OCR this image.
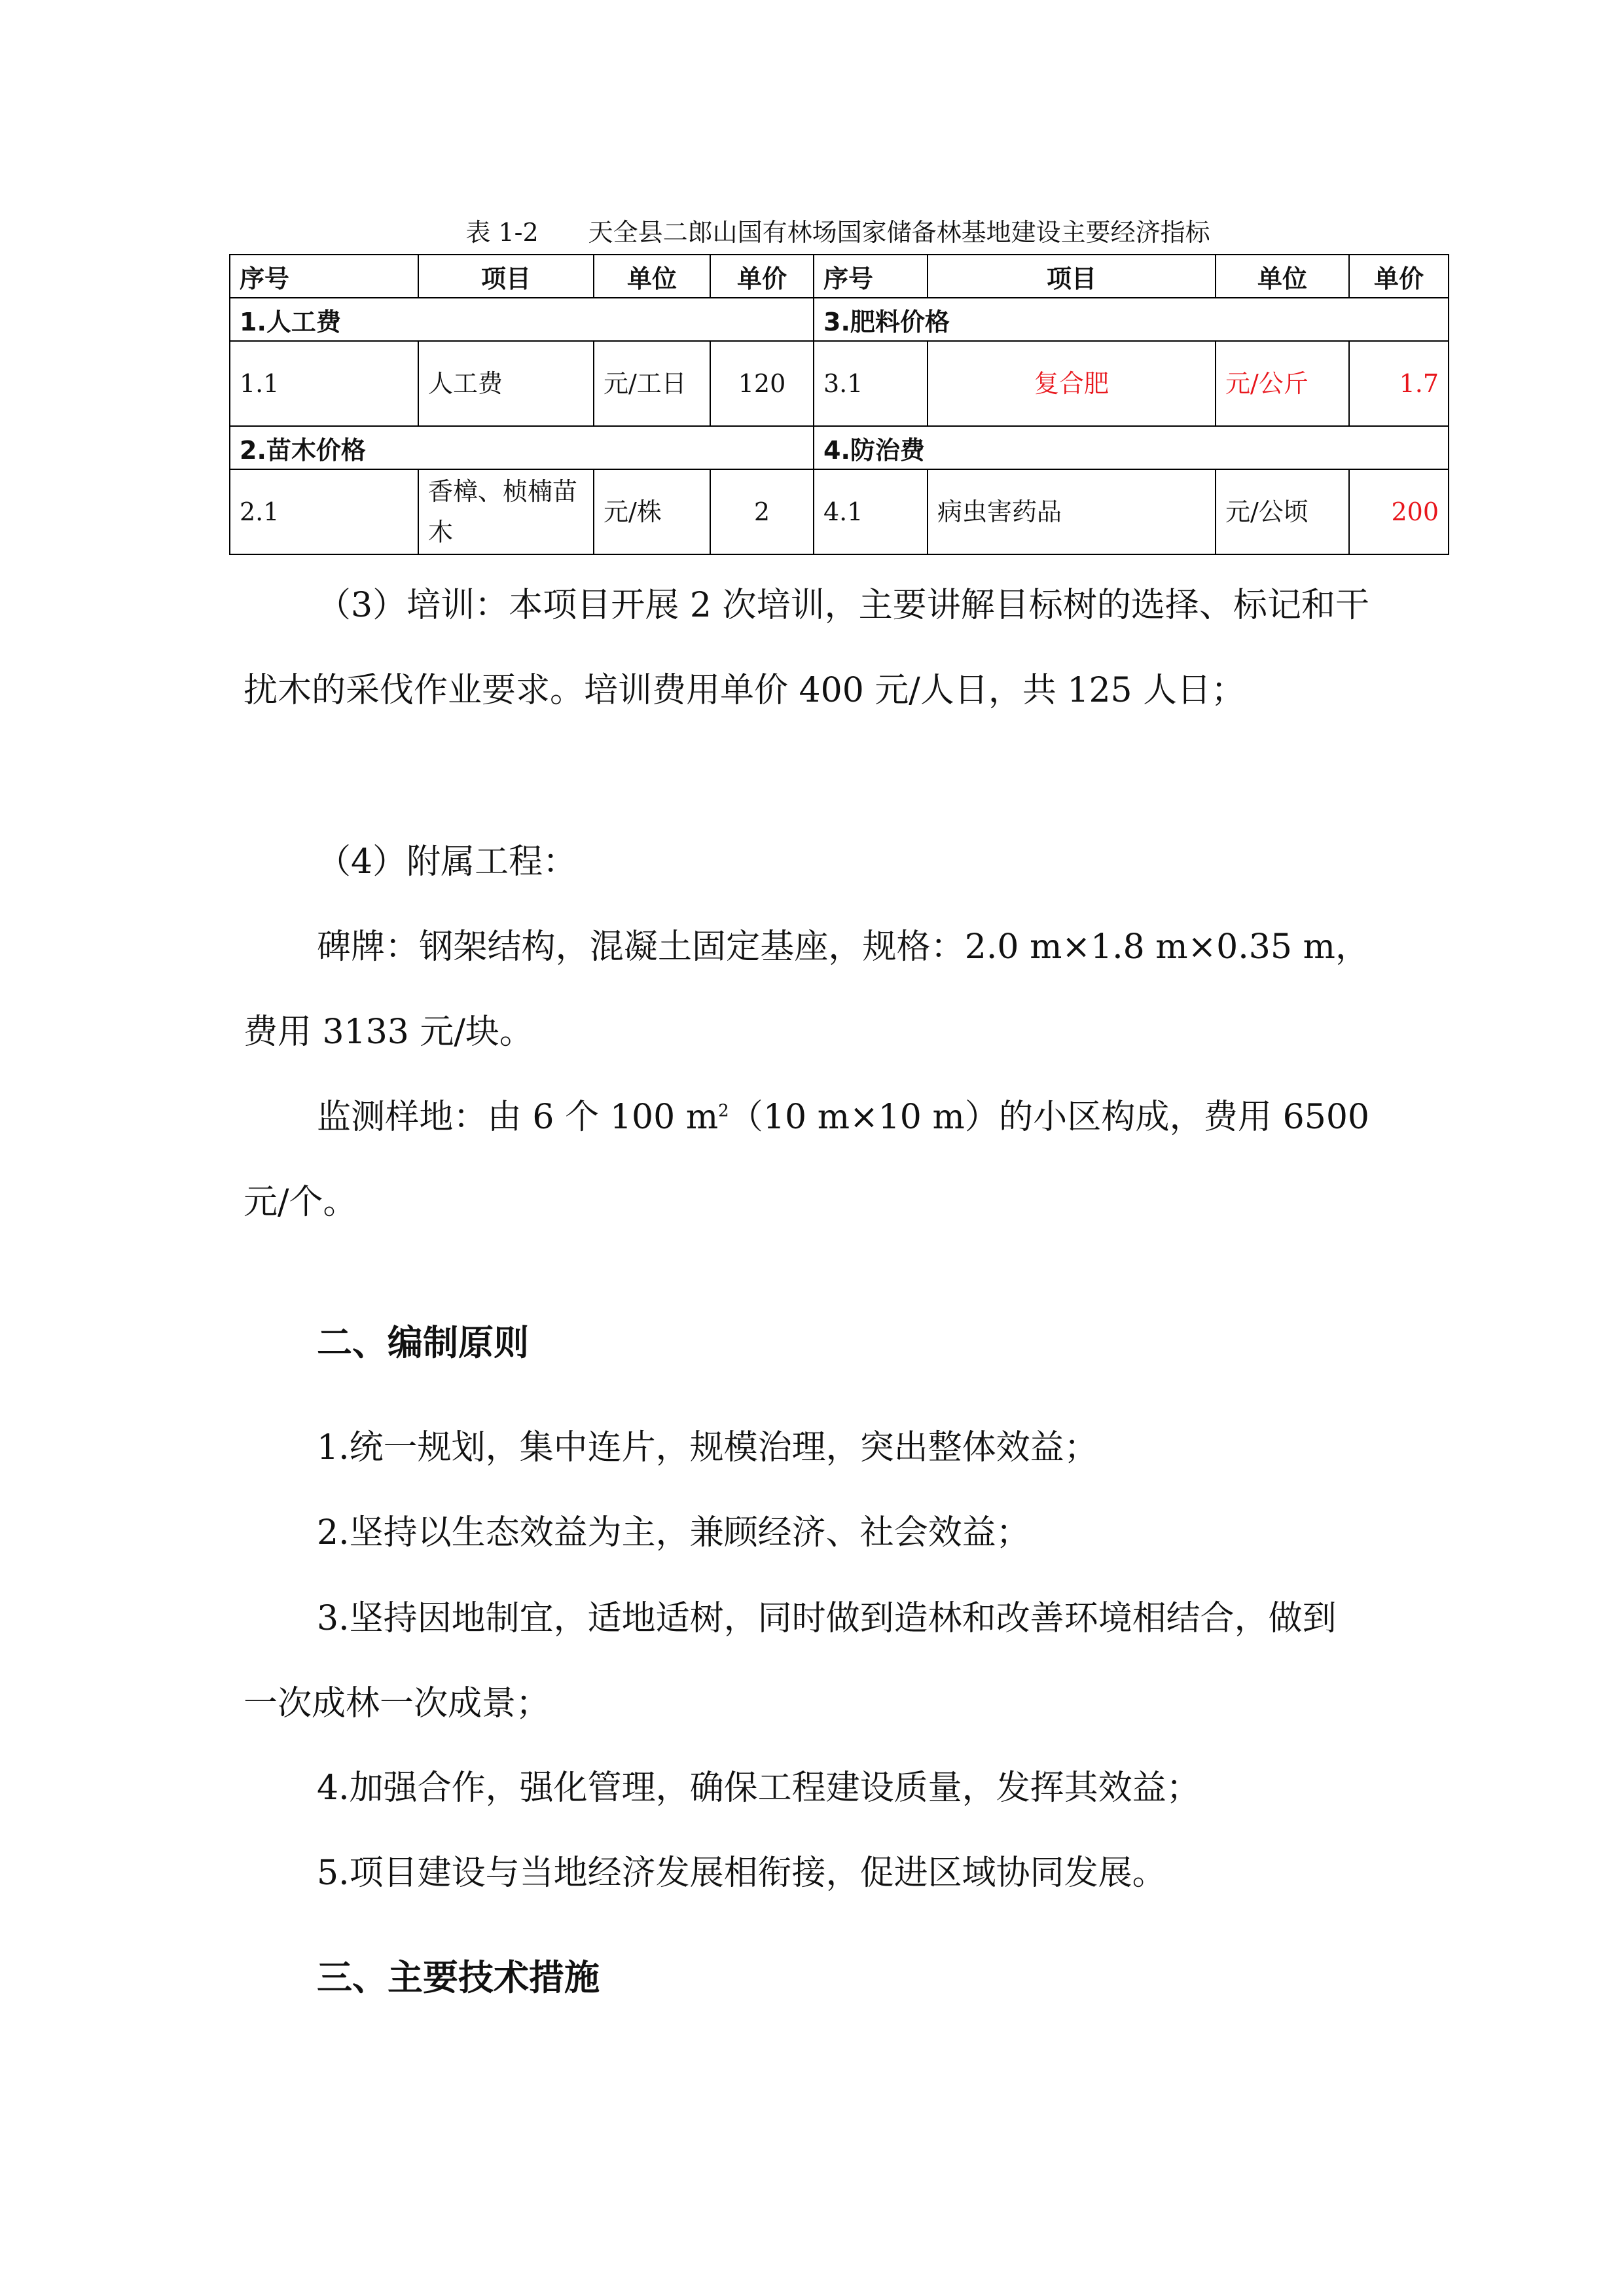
表 1-2　　天全县二郎山国有林场国家储备林基地建设主要经济指标
序号	项目	单位	单价	序号	项目	单位	单价
1.人工费				3.肥料价格			
1.1	人工费	元/工日	120	3.1	复合肥	元/公斤	1.7
2.苗木价格				4.防治费			
2.1	香樟、桢楠苗木	元/株	2	4.1	病虫害药品	元/公顷	200
（3）培训：本项目开展 2 次培训，主要讲解目标树的选择、标记和干扰木的采伐作业要求。培训费用单价 400 元/人日，共 125 人日；
（4）附属工程：
碑牌：钢架结构，混凝土固定基座，规格：2.0 m×1.8 m×0.35 m，费用 3133 元/块。
监测样地：由 6 个 100 $m^2(10$ m×10 m）的小区构成，费用 6500 元/个。
二、编制原则
1.统一规划，集中连片，规模治理，突出整体效益；
2.坚持以生态效益为主，兼顾经济、社会效益；
3.坚持因地制宜，适地适树，同时做到造林和改善环境相结合，做到一次成林一次成景；
4.加强合作，强化管理，确保工程建设质量，发挥其效益；
5.项目建设与当地经济发展相衔接，促进区域协同发展。
三、主要技术措施
